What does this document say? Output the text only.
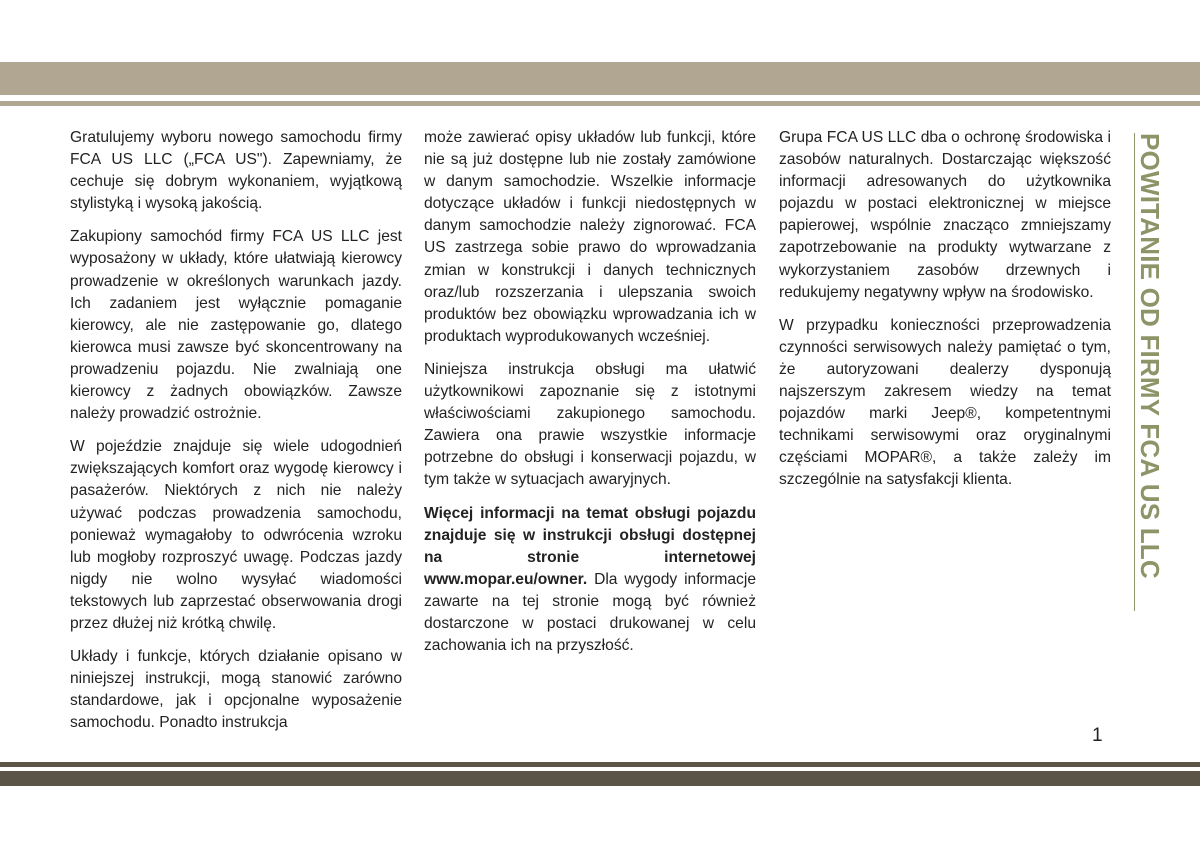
Gratulujemy wyboru nowego samochodu firmy FCA US LLC („FCA US"). Zapewniamy, że cechuje się dobrym wykonaniem, wyjątkową stylistyką i wysoką jakością.

Zakupiony samochód firmy FCA US LLC jest wyposażony w układy, które ułatwiają kierowcy prowadzenie w określonych warunkach jazdy. Ich zadaniem jest wyłącznie pomaganie kierowcy, ale nie zastępowanie go, dlatego kierowca musi zawsze być skoncentrowany na prowadzeniu pojazdu. Nie zwalniają one kierowcy z żadnych obowiązków. Zawsze należy prowadzić ostrożnie.

W pojeździe znajduje się wiele udogodnień zwiększających komfort oraz wygodę kierowcy i pasażerów. Niektórych z nich nie należy używać podczas prowadzenia samochodu, ponieważ wymagałoby to odwrócenia wzroku lub mogłoby rozproszyć uwagę. Podczas jazdy nigdy nie wolno wysyłać wiadomości tekstowych lub zaprzestać obserwowania drogi przez dłużej niż krótką chwilę.

Układy i funkcje, których działanie opisano w niniejszej instrukcji, mogą stanowić zarówno standardowe, jak i opcjonalne wyposażenie samochodu. Ponadto instrukcja

może zawierać opisy układów lub funkcji, które nie są już dostępne lub nie zostały zamówione w danym samochodzie. Wszelkie informacje dotyczące układów i funkcji niedostępnych w danym samochodzie należy zignorować. FCA US zastrzega sobie prawo do wprowadzania zmian w konstrukcji i danych technicznych oraz/lub rozszerzania i ulepszania swoich produktów bez obowiązku wprowadzania ich w produktach wyprodukowanych wcześniej.

Niniejsza instrukcja obsługi ma ułatwić użytkownikowi zapoznanie się z istotnymi właściwościami zakupionego samochodu. Zawiera ona prawie wszystkie informacje potrzebne do obsługi i konserwacji pojazdu, w tym także w sytuacjach awaryjnych.

Więcej informacji na temat obsługi pojazdu znajduje się w instrukcji obsługi dostępnej na stronie internetowej www.mopar.eu/owner. Dla wygody informacje zawarte na tej stronie mogą być również dostarczone w postaci drukowanej w celu zachowania ich na przyszłość.

Grupa FCA US LLC dba o ochronę środowiska i zasobów naturalnych. Dostarczając większość informacji adresowanych do użytkownika pojazdu w postaci elektronicznej w miejsce papierowej, wspólnie znacząco zmniejszamy zapotrzebowanie na produkty wytwarzane z wykorzystaniem zasobów drzewnych i redukujemy negatywny wpływ na środowisko.

W przypadku konieczności przeprowadzenia czynności serwisowych należy pamiętać o tym, że autoryzowani dealerzy dysponują najszerszym zakresem wiedzy na temat pojazdów marki Jeep®, kompetentnymi technikami serwisowymi oraz oryginalnymi częściami MOPAR®, a także zależy im szczególnie na satysfakcji klienta.	POWITANIE OD FIRMY FCA US LLC
1
